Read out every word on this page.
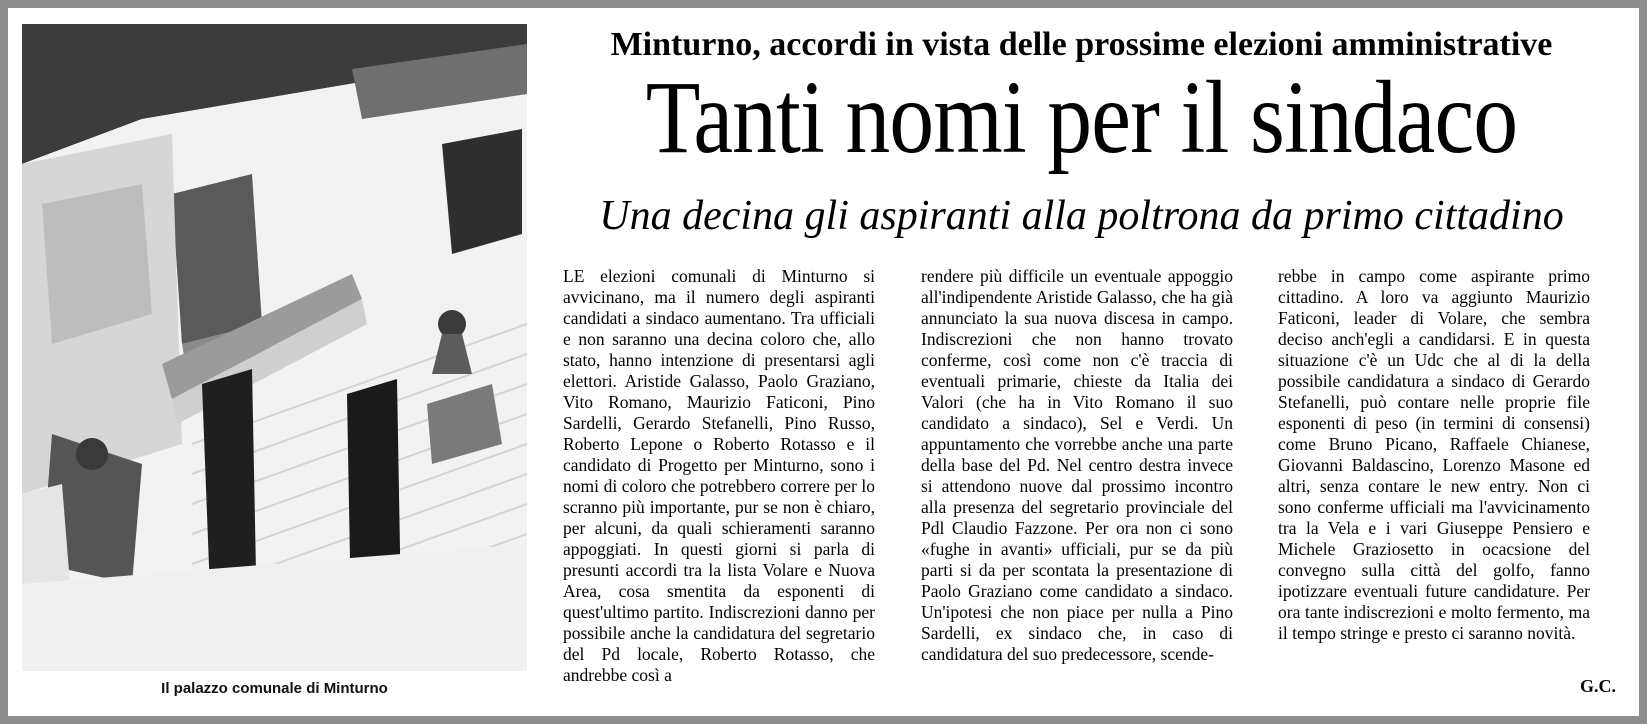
Il palazzo comunale di Minturno
Minturno, accordi in vista delle prossime elezioni amministrative
Tanti nomi per il sindaco
Una decina gli aspiranti alla poltrona da primo cittadino
LE elezioni comunali di Minturno si avvicinano, ma il numero degli aspiranti candidati a sindaco aumentano. Tra ufficiali e non saranno una decina coloro che, allo stato, hanno intenzione di presentarsi agli elettori. Aristide Galasso, Paolo Graziano, Vito Romano, Maurizio Faticoni, Pino Sardelli, Gerardo Stefanelli, Pino Russo, Roberto Lepone o Roberto Rotasso e il candidato di Progetto per Minturno, sono i nomi di coloro che potrebbero correre per lo scranno più importante, pur se non è chiaro, per alcuni, da quali schieramenti saranno appoggiati. In questi giorni si parla di presunti accordi tra la lista Volare e Nuova Area, cosa smentita da esponenti di quest'ultimo partito. Indiscrezioni danno per possibile anche la candidatura del segretario del Pd locale, Roberto Rotasso, che andrebbe così a
rendere più difficile un eventuale appoggio all'indipendente Aristide Galasso, che ha già annunciato la sua nuova discesa in campo. Indiscrezioni che non hanno trovato conferme, così come non c'è traccia di eventuali primarie, chieste da Italia dei Valori (che ha in Vito Romano il suo candidato a sindaco), Sel e Verdi. Un appuntamento che vorrebbe anche una parte della base del Pd. Nel centro destra invece si attendono nuove dal prossimo incontro alla presenza del segretario provinciale del Pdl Claudio Fazzone. Per ora non ci sono «fughe in avanti» ufficiali, pur se da più parti si da per scontata la presentazione di Paolo Graziano come candidato a sindaco. Un'ipotesi che non piace per nulla a Pino Sardelli, ex sindaco che, in caso di candidatura del suo predecessore, scende-
rebbe in campo come aspirante primo cittadino. A loro va aggiunto Maurizio Faticoni, leader di Volare, che sembra deciso anch'egli a candidarsi. E in questa situazione c'è un Udc che al di la della possibile candidatura a sindaco di Gerardo Stefanelli, può contare nelle proprie file esponenti di peso (in termini di consensi) come Bruno Picano, Raffaele Chianese, Giovanni Baldascino, Lorenzo Masone ed altri, senza contare le new entry. Non ci sono conferme ufficiali ma l'avvicinamento tra la Vela e i vari Giuseppe Pensiero e Michele Graziosetto in ocacsione del convegno sulla città del golfo, fanno ipotizzare eventuali future candidature. Per ora tante indiscrezioni e molto fermento, ma il tempo stringe e presto ci saranno novità.
G.C.
